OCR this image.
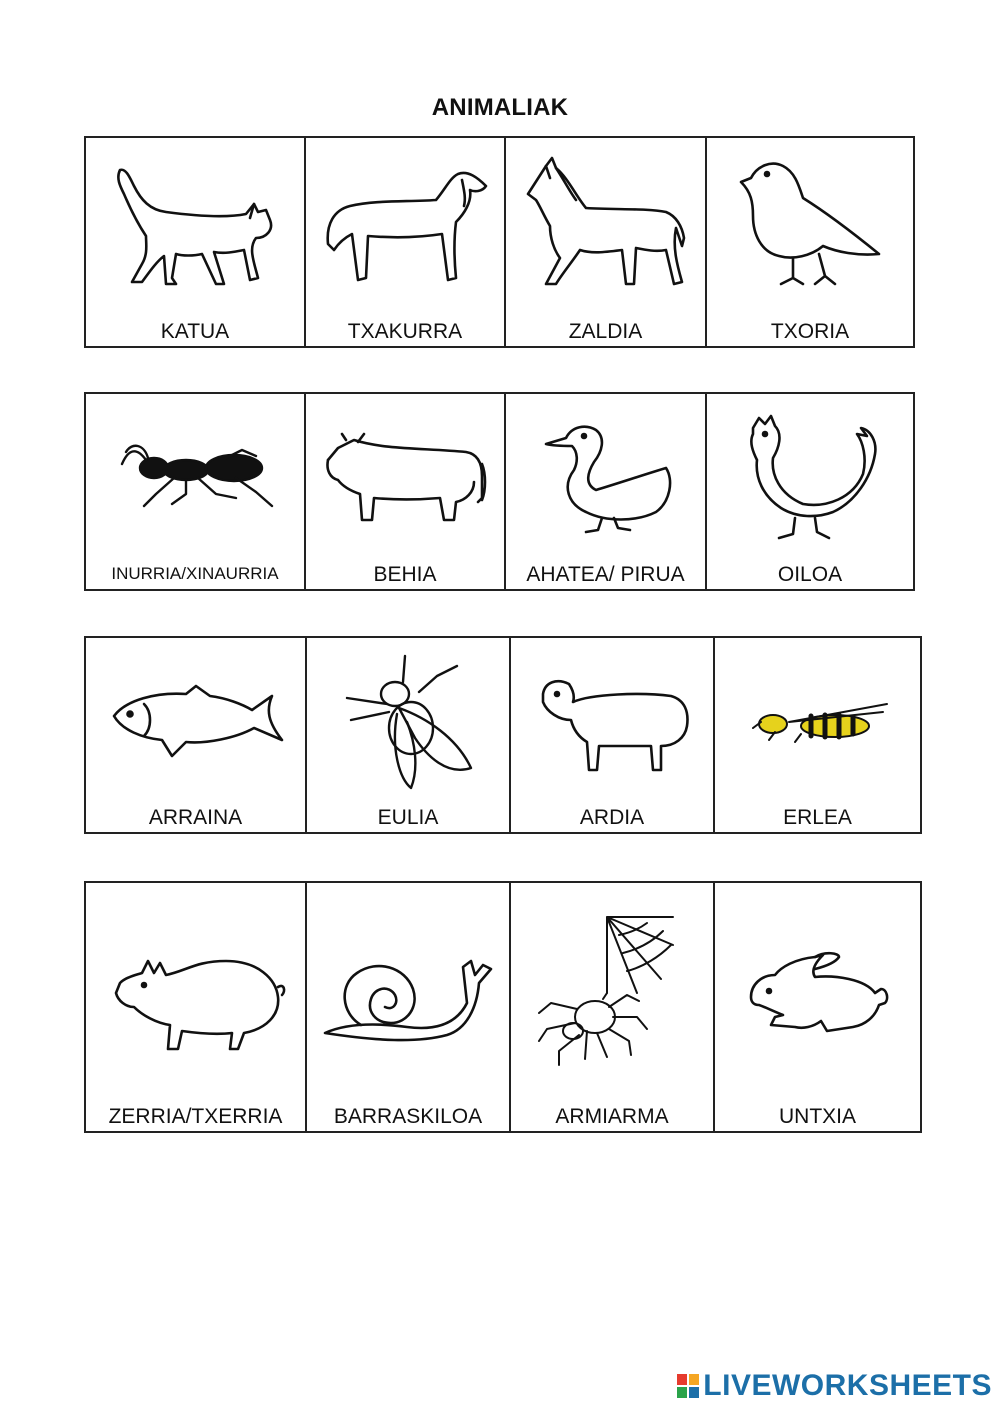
ANIMALIAK
KATUA	TXAKURRA	ZALDIA	TXORIA
INURRIA/XINAURRIA	BEHIA	AHATEA/ PIRUA	OILOA
ARRAINA	EULIA	ARDIA	ERLEA
ZERRIA/TXERRIA	BARRASKILOA	ARMIARMA	UNTXIA
LIVEWORKSHEETS
